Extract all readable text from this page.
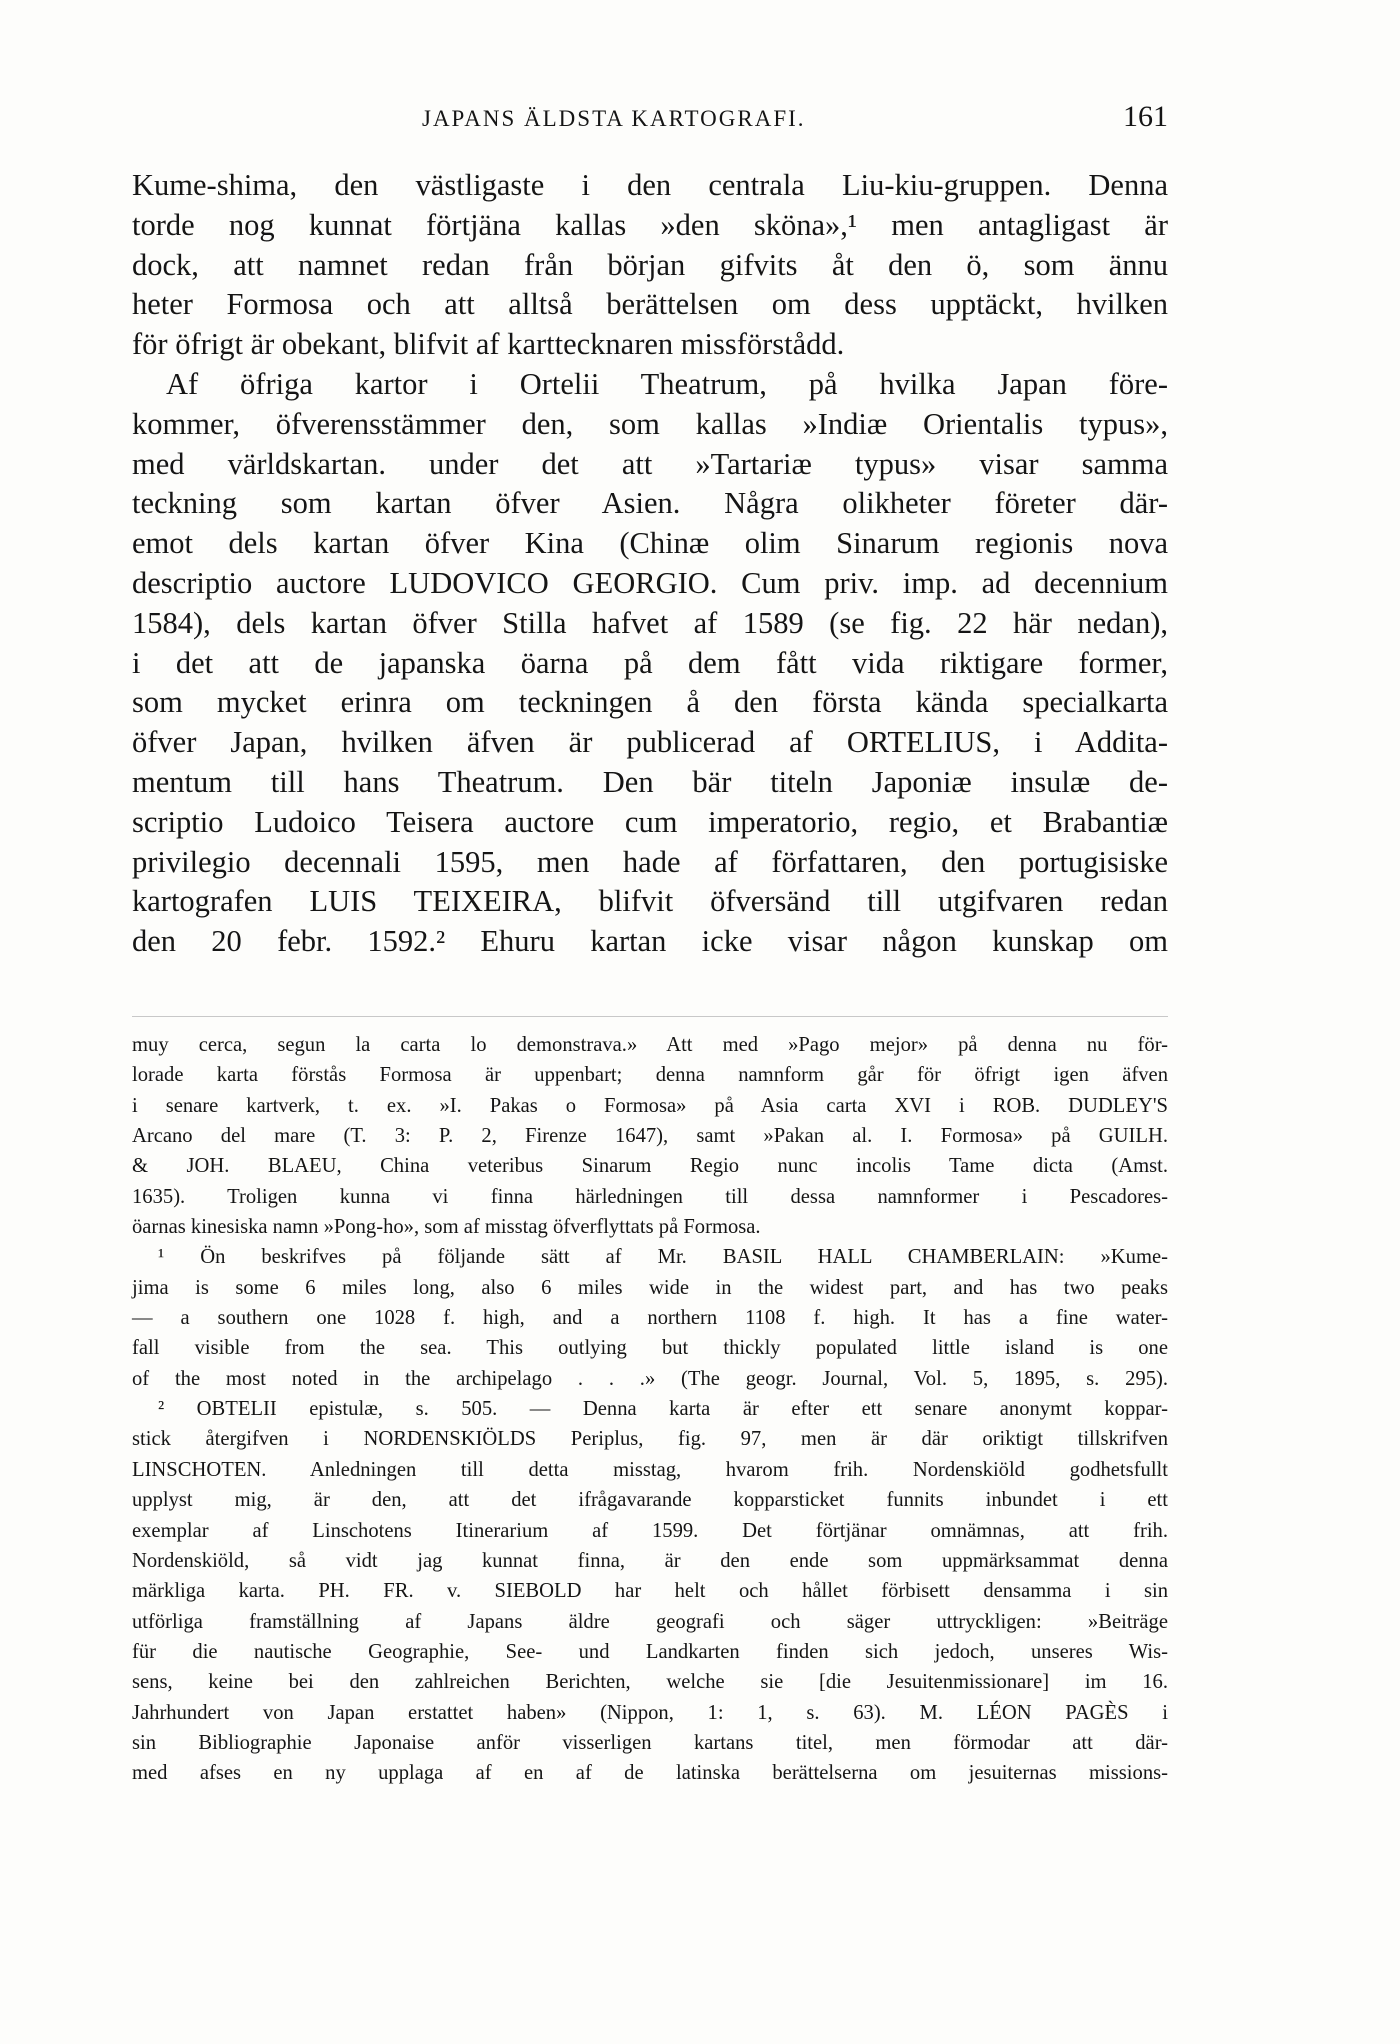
JAPANS ÄLDSTA KARTOGRAFI.	161
Kume-shima, den västligaste i den centrala Liu-kiu-gruppen. Denna
torde nog kunnat förtjäna kallas »den sköna»,¹ men antagligast är
dock, att namnet redan från början gifvits åt den ö, som ännu
heter Formosa och att alltså berättelsen om dess upptäckt, hvilken
för öfrigt är obekant, blifvit af karttecknaren missförstådd.
Af öfriga kartor i Ortelii Theatrum, på hvilka Japan före-
kommer, öfverensstämmer den, som kallas »Indiæ Orientalis typus»,
med världskartan. under det att »Tartariæ typus» visar samma
teckning som kartan öfver Asien. Några olikheter företer där-
emot dels kartan öfver Kina (Chinæ olim Sinarum regionis nova
descriptio auctore LUDOVICO GEORGIO. Cum priv. imp. ad decennium
1584), dels kartan öfver Stilla hafvet af 1589 (se fig. 22 här nedan),
i det att de japanska öarna på dem fått vida riktigare former,
som mycket erinra om teckningen å den första kända specialkarta
öfver Japan, hvilken äfven är publicerad af ORTELIUS, i Addita-
mentum till hans Theatrum. Den bär titeln Japoniæ insulæ de-
scriptio Ludoico Teisera auctore cum imperatorio, regio, et Brabantiæ
privilegio decennali 1595, men hade af författaren, den portugisiske
kartografen LUIS TEIXEIRA, blifvit öfversänd till utgifvaren redan
den 20 febr. 1592.² Ehuru kartan icke visar någon kunskap om
muy cerca, segun la carta lo demonstrava.» Att med »Pago mejor» på denna nu för-
lorade karta förstås Formosa är uppenbart; denna namnform går för öfrigt igen äfven
i senare kartverk, t. ex. »I. Pakas o Formosa» på Asia carta XVI i ROB. DUDLEY'S
Arcano del mare (T. 3: P. 2, Firenze 1647), samt »Pakan al. I. Formosa» på GUILH.
& JOH. BLAEU, China veteribus Sinarum Regio nunc incolis Tame dicta (Amst.
1635). Troligen kunna vi finna härledningen till dessa namnformer i Pescadores-
öarnas kinesiska namn »Pong-ho», som af misstag öfverflyttats på Formosa.
¹ Ön beskrifves på följande sätt af Mr. BASIL HALL CHAMBERLAIN: »Kume-
jima is some 6 miles long, also 6 miles wide in the widest part, and has two peaks
— a southern one 1028 f. high, and a northern 1108 f. high. It has a fine water-
fall visible from the sea. This outlying but thickly populated little island is one
of the most noted in the archipelago . . .» (The geogr. Journal, Vol. 5, 1895, s. 295).
² OBTELII epistulæ, s. 505. — Denna karta är efter ett senare anonymt koppar-
stick återgifven i NORDENSKIÖLDS Periplus, fig. 97, men är där oriktigt tillskrifven
LINSCHOTEN. Anledningen till detta misstag, hvarom frih. Nordenskiöld godhetsfullt
upplyst mig, är den, att det ifrågavarande kopparsticket funnits inbundet i ett
exemplar af Linschotens Itinerarium af 1599. Det förtjänar omnämnas, att frih.
Nordenskiöld, så vidt jag kunnat finna, är den ende som uppmärksammat denna
märkliga karta. PH. FR. v. SIEBOLD har helt och hållet förbisett densamma i sin
utförliga framställning af Japans äldre geografi och säger uttryckligen: »Beiträge
für die nautische Geographie, See- und Landkarten finden sich jedoch, unseres Wis-
sens, keine bei den zahlreichen Berichten, welche sie [die Jesuitenmissionare] im 16.
Jahrhundert von Japan erstattet haben» (Nippon, 1: 1, s. 63). M. LÉON PAGÈS i
sin Bibliographie Japonaise anför visserligen kartans titel, men förmodar att där-
med afses en ny upplaga af en af de latinska berättelserna om jesuiternas missions-
